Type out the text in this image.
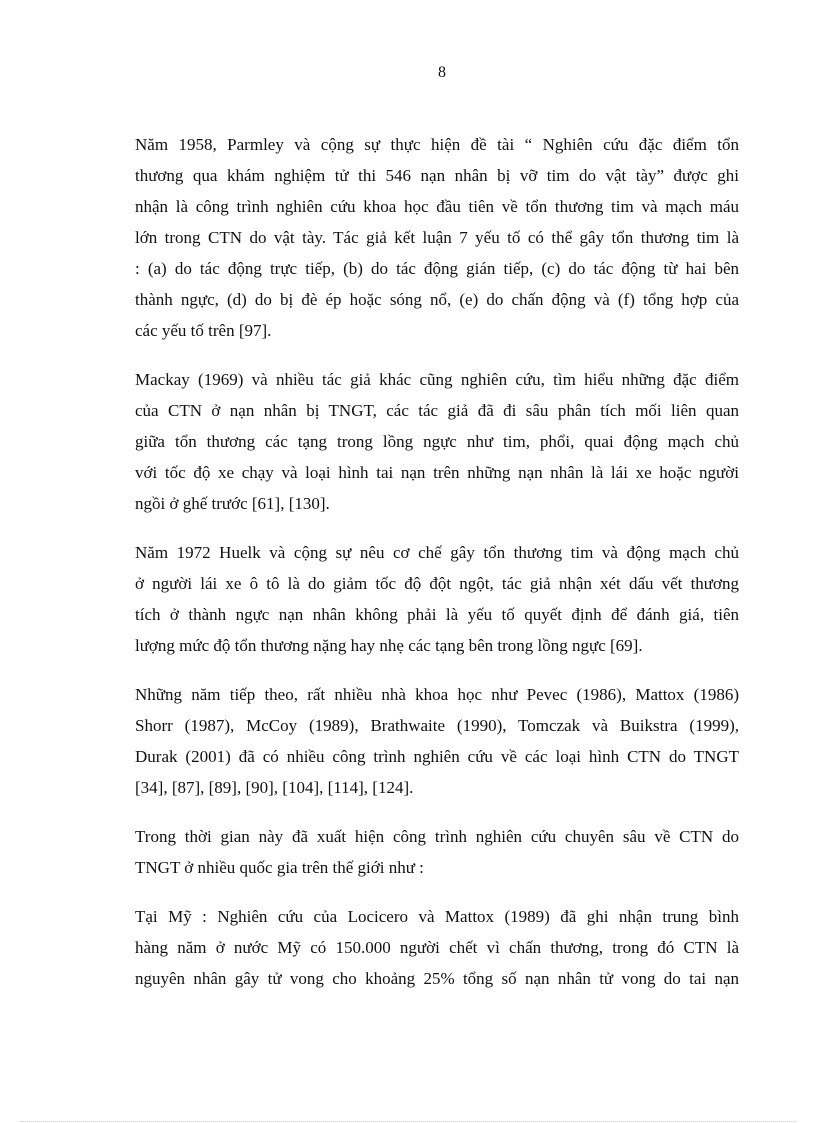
8

Năm 1958, Parmley và cộng sự thực hiện đề tài “ Nghiên cứu đặc điểm tổn
thương qua khám nghiệm tử thi 546 nạn nhân bị vỡ tim do vật tày” được ghi
nhận là công trình nghiên cứu khoa học đầu tiên về tổn thương tim và mạch máu
lớn trong CTN do vật tày. Tác giả kết luận 7 yếu tố có thể gây tổn thương tim là
: (a) do tác động trực tiếp, (b) do tác động gián tiếp, (c) do tác động từ hai bên
thành ngực, (d) do bị đè ép hoặc sóng nổ, (e) do chấn động và (f) tổng hợp của
các yếu tố trên [97].

Mackay (1969) và nhiều tác giả khác cũng nghiên cứu, tìm hiểu những đặc điểm
của CTN ở nạn nhân bị TNGT, các tác giả đã đi sâu phân tích mối liên quan
giữa tổn thương các tạng trong lồng ngực như tim, phổi, quai động mạch chủ
với tốc độ xe chạy và loại hình tai nạn trên những nạn nhân là lái xe hoặc người
ngồi ở ghế trước [61], [130].

Năm 1972 Huelk và cộng sự nêu cơ chế gây tổn thương tim và động mạch chủ
ở người lái xe ô tô là do giảm tốc độ đột ngột, tác giả nhận xét dấu vết thương
tích ở thành ngực nạn nhân không phải là yếu tố quyết định để đánh giá, tiên
lượng mức độ tổn thương nặng hay nhẹ các tạng bên trong lồng ngực [69].

Những năm tiếp theo, rất nhiều nhà khoa học như Pevec (1986), Mattox (1986)
Shorr (1987), McCoy (1989), Brathwaite (1990), Tomczak và Buikstra (1999),
Durak (2001) đã có nhiều công trình nghiên cứu về các loại hình CTN do TNGT
[34], [87], [89], [90], [104], [114], [124].

Trong thời gian này đã xuất hiện công trình nghiên cứu chuyên sâu về CTN do
TNGT ở nhiều quốc gia trên thế giới như :

Tại Mỹ : Nghiên cứu của Locicero và Mattox (1989) đã ghi nhận trung bình
hàng năm ở nước Mỹ có 150.000 người chết vì chấn thương, trong đó CTN là
nguyên nhân gây tử vong cho khoảng 25% tổng số nạn nhân tử vong do tai nạn
